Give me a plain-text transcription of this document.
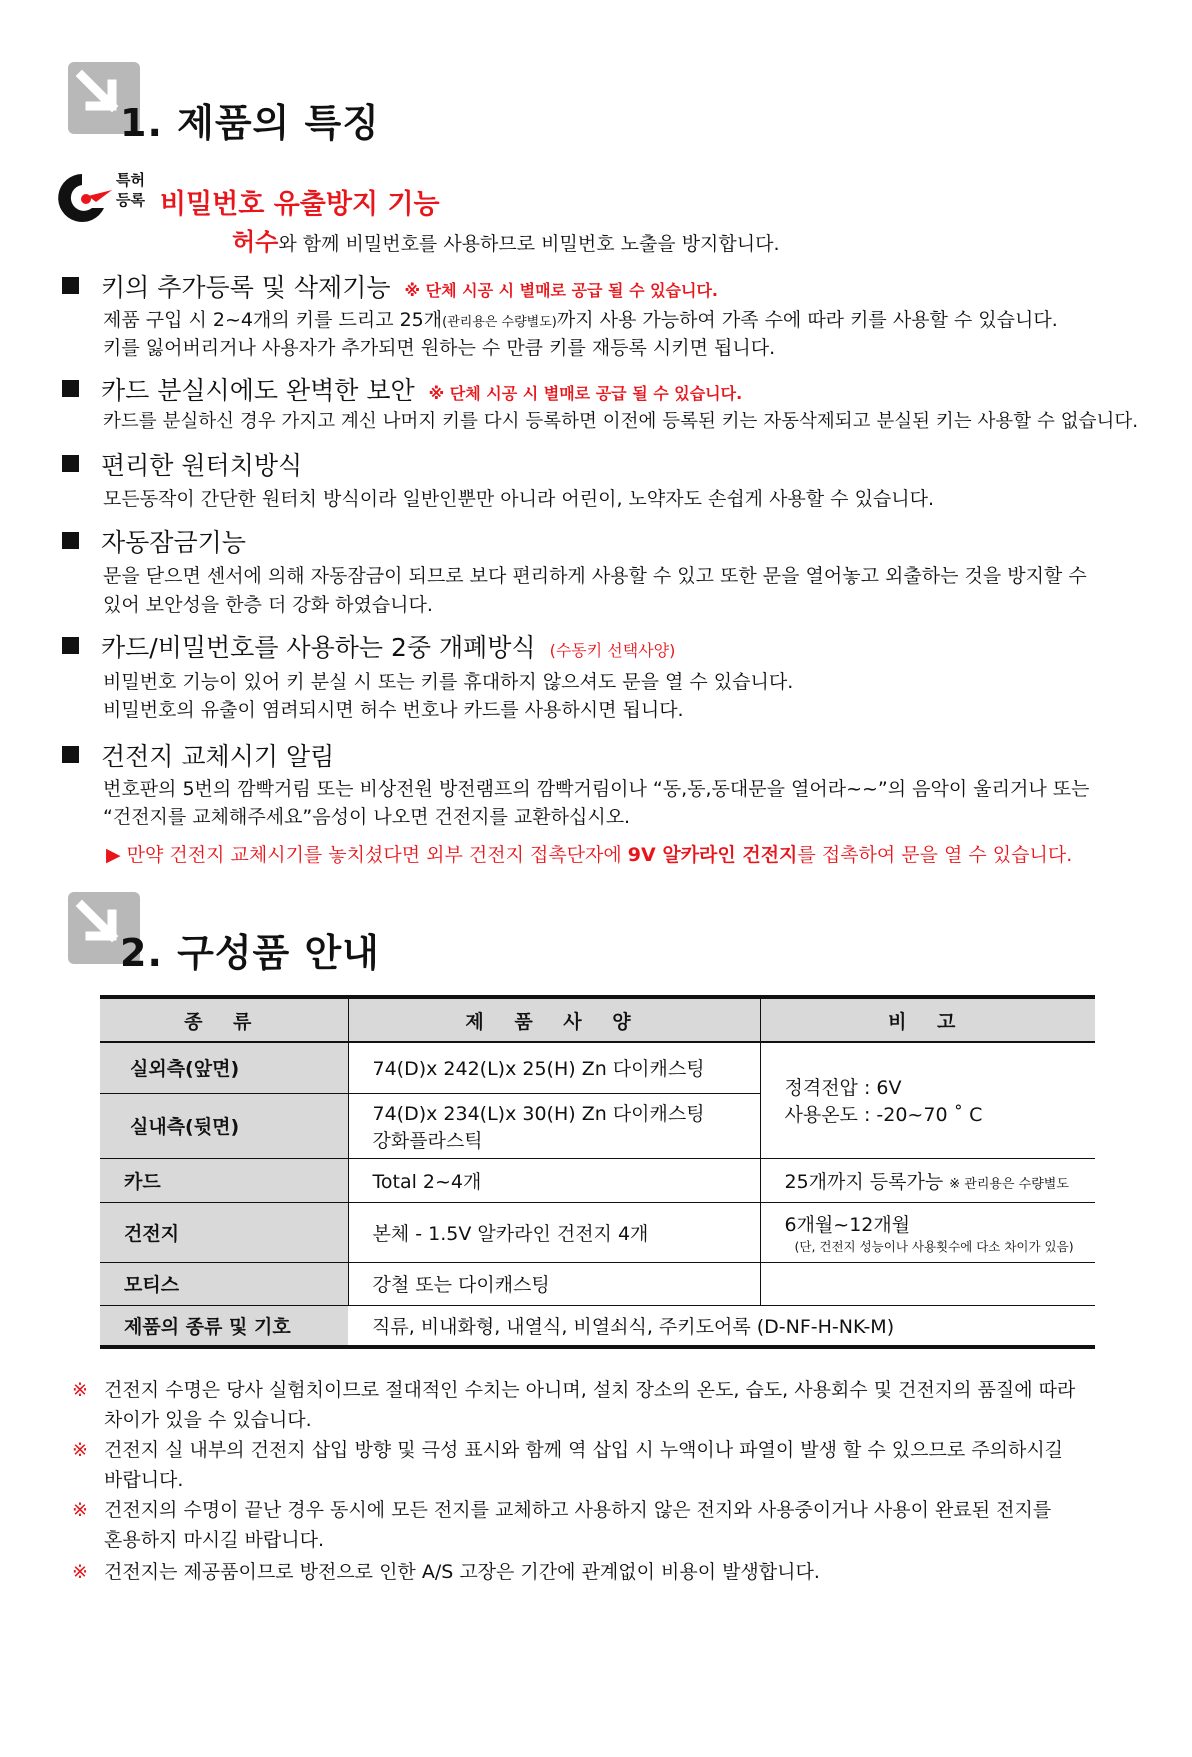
1. 제품의 특징
특허
등록 비밀번호 유출방지 기능
허수와 함께 비밀번호를 사용하므로 비밀번호 노출을 방지합니다.
키의 추가등록 및 삭제기능 ※ 단체 시공 시 별매로 공급 될 수 있습니다.
제품 구입 시 2~4개의 키를 드리고 25개(관리용은 수량별도)까지 사용 가능하여 가족 수에 따라 키를 사용할 수 있습니다.
키를 잃어버리거나 사용자가 추가되면 원하는 수 만큼 키를 재등록 시키면 됩니다.
카드 분실시에도 완벽한 보안 ※ 단체 시공 시 별매로 공급 될 수 있습니다.
카드를 분실하신 경우 가지고 계신 나머지 키를 다시 등록하면 이전에 등록된 키는 자동삭제되고 분실된 키는 사용할 수 없습니다.
편리한 원터치방식
모든동작이 간단한 원터치 방식이라 일반인뿐만 아니라 어린이, 노약자도 손쉽게 사용할 수 있습니다.
자동잠금기능
문을 닫으면 센서에 의해 자동잠금이 되므로 보다 편리하게 사용할 수 있고 또한 문을 열어놓고 외출하는 것을 방지할 수
있어 보안성을 한층 더 강화 하였습니다.
카드/비밀번호를 사용하는 2중 개폐방식 (수동키 선택사양)
비밀번호 기능이 있어 키 분실 시 또는 키를 휴대하지 않으셔도 문을 열 수 있습니다.
비밀번호의 유출이 염려되시면 허수 번호나 카드를 사용하시면 됩니다.
건전지 교체시기 알림
번호판의 5번의 깜빡거림 또는 비상전원 방전램프의 깜빡거림이나 “동,동,동대문을 열어라~~”의 음악이 울리거나 또는
“건전지를 교체해주세요”음성이 나오면 건전지를 교환하십시오.
▶ 만약 건전지 교체시기를 놓치셨다면 외부 건전지 접촉단자에 9V 알카라인 건전지를 접촉하여 문을 열 수 있습니다.
2. 구성품 안내
종 류	제 품 사 양	비 고
실외측(앞면)	74(D)x 242(L)x 25(H) Zn 다이캐스팅	정격전압 : 6V
사용온도 : -20~70 ˚ C

실내측(뒷면)	74(D)x 234(L)x 30(H) Zn 다이캐스팅
강화플라스틱	

카드	Total 2~4개	25개까지 등록가능 ※ 관리용은 수량별도
건전지	본체 - 1.5V 알카라인 건전지 4개	6개월~12개월
(단, 건전지 성능이나 사용횟수에 다소 차이가 있음)

모티스	강철 또는 다이캐스팅	
제품의 종류 및 기호	직류, 비내화형, 내열식, 비열쇠식, 주키도어록 (D-NF-H-NK-M)	
※ 건전지 수명은 당사 실험치이므로 절대적인 수치는 아니며, 설치 장소의 온도, 습도, 사용회수 및 건전지의 품질에 따라
차이가 있을 수 있습니다.
※ 건전지 실 내부의 건전지 삽입 방향 및 극성 표시와 함께 역 삽입 시 누액이나 파열이 발생 할 수 있으므로 주의하시길
바랍니다.
※ 건전지의 수명이 끝난 경우 동시에 모든 전지를 교체하고 사용하지 않은 전지와 사용중이거나 사용이 완료된 전지를
혼용하지 마시길 바랍니다.
※ 건전지는 제공품이므로 방전으로 인한 A/S 고장은 기간에 관계없이 비용이 발생합니다.
